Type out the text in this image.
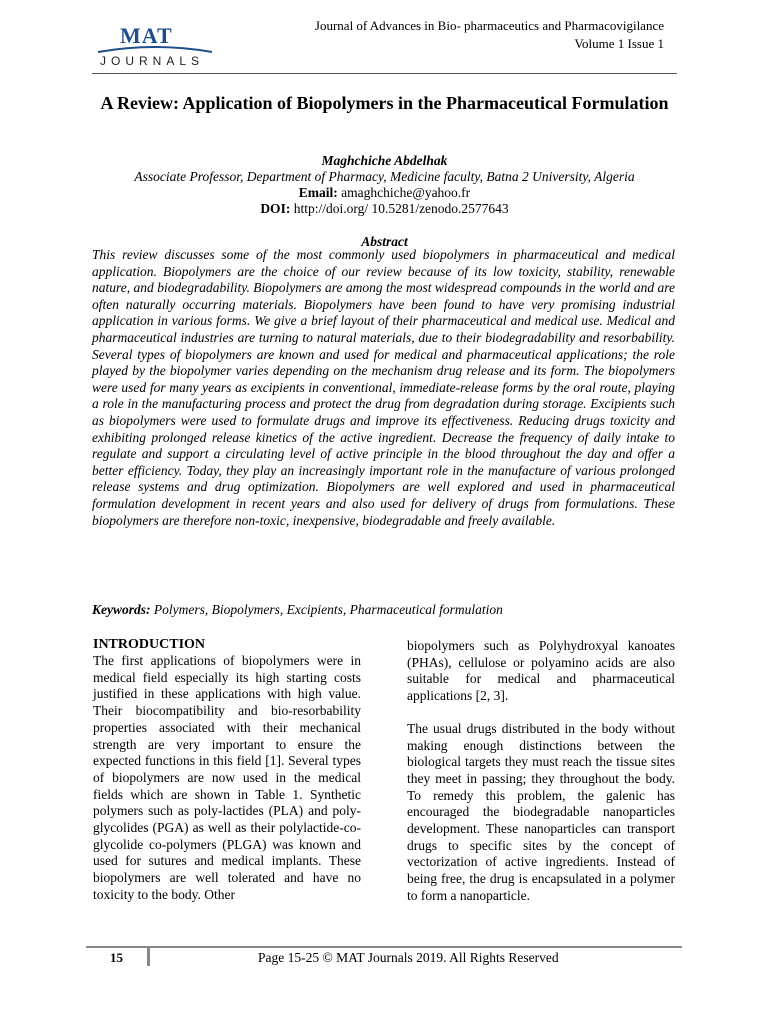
MAT
JOURNALS
Journal of Advances in Bio- pharmaceutics and Pharmacovigilance
Volume 1 Issue 1
A Review: Application of Biopolymers in the Pharmaceutical Formulation
Maghchiche Abdelhak
Associate Professor, Department of Pharmacy, Medicine faculty, Batna 2 University, Algeria
Email: amaghchiche@yahoo.fr
DOI: http://doi.org/ 10.5281/zenodo.2577643
Abstract
This review discusses some of the most commonly used biopolymers in pharmaceutical and medical application. Biopolymers are the choice of our review because of its low toxicity, stability, renewable nature, and biodegradability. Biopolymers are among the most widespread compounds in the world and are often naturally occurring materials. Biopolymers have been found to have very promising industrial application in various forms. We give a brief layout of their pharmaceutical and medical use. Medical and pharmaceutical industries are turning to natural materials, due to their biodegradability and resorbability. Several types of biopolymers are known and used for medical and pharmaceutical applications; the role played by the biopolymer varies depending on the mechanism drug release and its form. The biopolymers were used for many years as excipients in conventional, immediate-release forms by the oral route, playing a role in the manufacturing process and protect the drug from degradation during storage. Excipients such as biopolymers were used to formulate drugs and improve its effectiveness. Reducing drugs toxicity and exhibiting prolonged release kinetics of the active ingredient. Decrease the frequency of daily intake to regulate and support a circulating level of active principle in the blood throughout the day and offer a better efficiency. Today, they play an increasingly important role in the manufacture of various prolonged release systems and drug optimization. Biopolymers are well explored and used in pharmaceutical formulation development in recent years and also used for delivery of drugs from formulations. These biopolymers are therefore non-toxic, inexpensive, biodegradable and freely available.
Keywords: Polymers, Biopolymers, Excipients, Pharmaceutical formulation
INTRODUCTION

The first applications of biopolymers were in medical field especially its high starting costs justified in these applications with high value. Their biocompatibility and bio-resorbability properties associated with their mechanical strength are very important to ensure the expected functions in this field [1]. Several types of biopolymers are now used in the medical fields which are shown in Table 1. Synthetic polymers such as poly-lactides (PLA) and poly-glycolides (PGA) as well as their polylactide-co-glycolide co-polymers (PLGA) was known and used for sutures and medical implants. These biopolymers are well tolerated and have no toxicity to the body. Other

biopolymers such as Polyhydroxyal kanoates (PHAs), cellulose or polyamino acids are also suitable for medical and pharmaceutical applications [2, 3].

The usual drugs distributed in the body without making enough distinctions between the biological targets they must reach the tissue sites they meet in passing; they throughout the body. To remedy this problem, the galenic has encouraged the biodegradable nanoparticles development. These nanoparticles can transport drugs to specific sites by the concept of vectorization of active ingredients. Instead of being free, the drug is encapsulated in a polymer to form a nanoparticle.

15	Page 15-25 © MAT Journals 2019. All Rights Reserved
